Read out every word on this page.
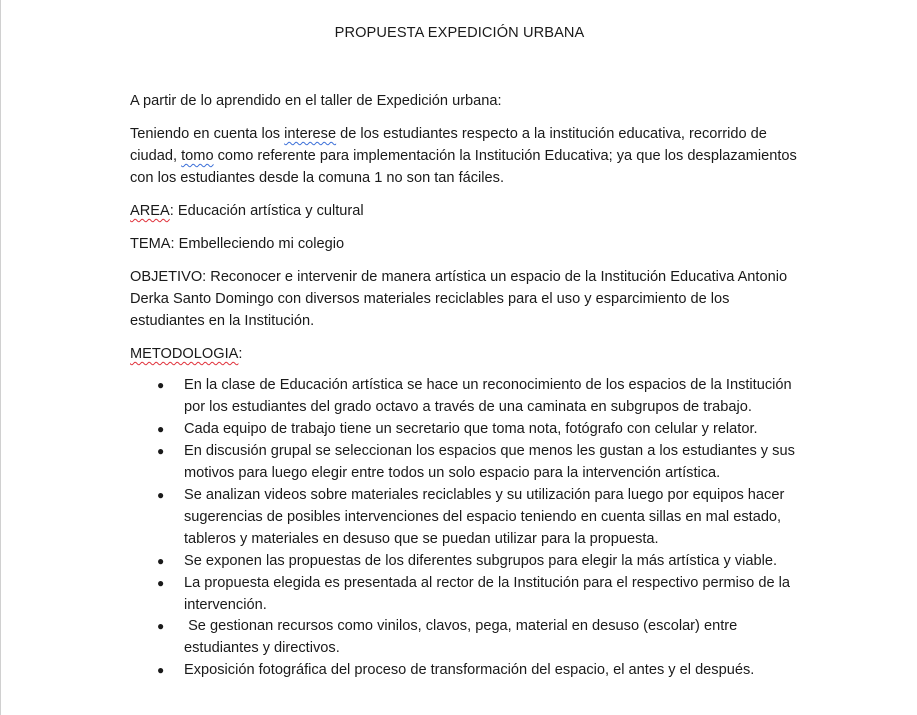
PROPUESTA EXPEDICIÓN URBANA

A partir de lo aprendido en el taller de Expedición urbana:

Teniendo en cuenta los interese de los estudiantes respecto a la institución educativa, recorrido de ciudad, tomo como referente para implementación la Institución Educativa; ya que los desplazamientos con los estudiantes desde la comuna 1 no son tan fáciles.

AREA: Educación artística y cultural

TEMA: Embelleciendo mi colegio

OBJETIVO: Reconocer e intervenir de manera artística un espacio de la Institución Educativa Antonio Derka Santo Domingo con diversos materiales reciclables para el uso y esparcimiento de los estudiantes en la Institución.

METODOLOGIA:

● En la clase de Educación artística se hace un reconocimiento de los espacios de la Institución por los estudiantes del grado octavo a través de una caminata en subgrupos de trabajo.
● Cada equipo de trabajo tiene un secretario que toma nota, fotógrafo con celular y relator.
● En discusión grupal se seleccionan los espacios que menos les gustan a los estudiantes y sus motivos para luego elegir entre todos un solo espacio para la intervención artística.
● Se analizan videos sobre materiales reciclables y su utilización para luego por equipos hacer sugerencias de posibles intervenciones del espacio teniendo en cuenta sillas en mal estado, tableros y materiales en desuso que se puedan utilizar para la propuesta.
● Se exponen las propuestas de los diferentes subgrupos para elegir la más artística y viable.
● La propuesta elegida es presentada al rector de la Institución para el respectivo permiso de la intervención.
● Se gestionan recursos como vinilos, clavos, pega, material en desuso (escolar) entre estudiantes y directivos.
● Exposición fotográfica del proceso de transformación del espacio, el antes y el después.
